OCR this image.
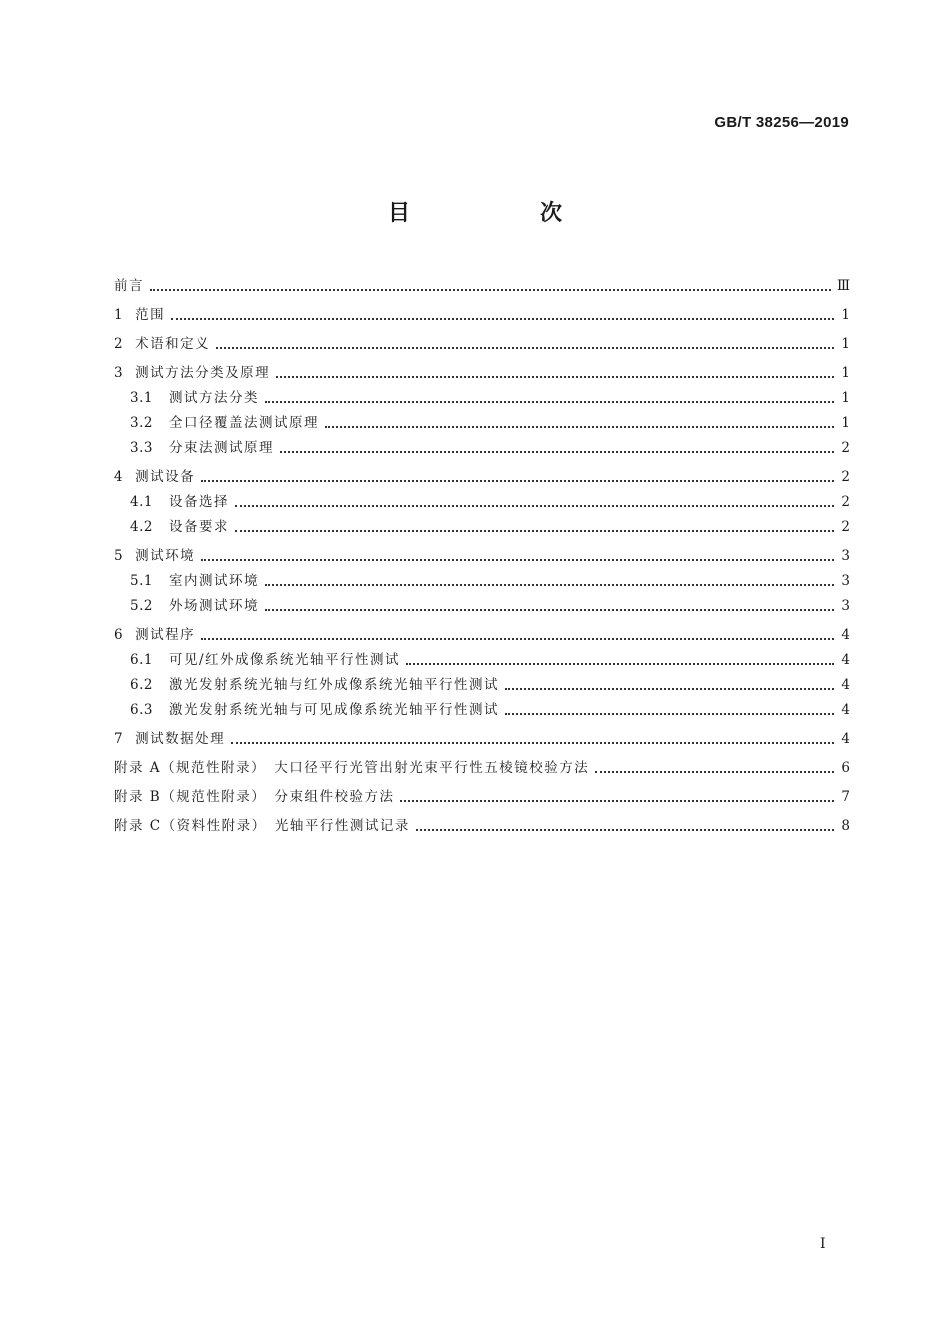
GB/T 38256—2019
目　次
前言	Ⅲ
1 范围	1
2 术语和定义	1
3 测试方法分类及原理	1
3.1 测试方法分类	1
3.2 全口径覆盖法测试原理	1
3.3 分束法测试原理	2
4 测试设备	2
4.1 设备选择	2
4.2 设备要求	2
5 测试环境	3
5.1 室内测试环境	3
5.2 外场测试环境	3
6 测试程序	4
6.1 可见/红外成像系统光轴平行性测试	4
6.2 激光发射系统光轴与红外成像系统光轴平行性测试	4
6.3 激光发射系统光轴与可见成像系统光轴平行性测试	4
7 测试数据处理	4
附录 A（规范性附录）　大口径平行光管出射光束平行性五棱镜校验方法	6
附录 B（规范性附录）　分束组件校验方法	7
附录 C（资料性附录）　光轴平行性测试记录	8
I
